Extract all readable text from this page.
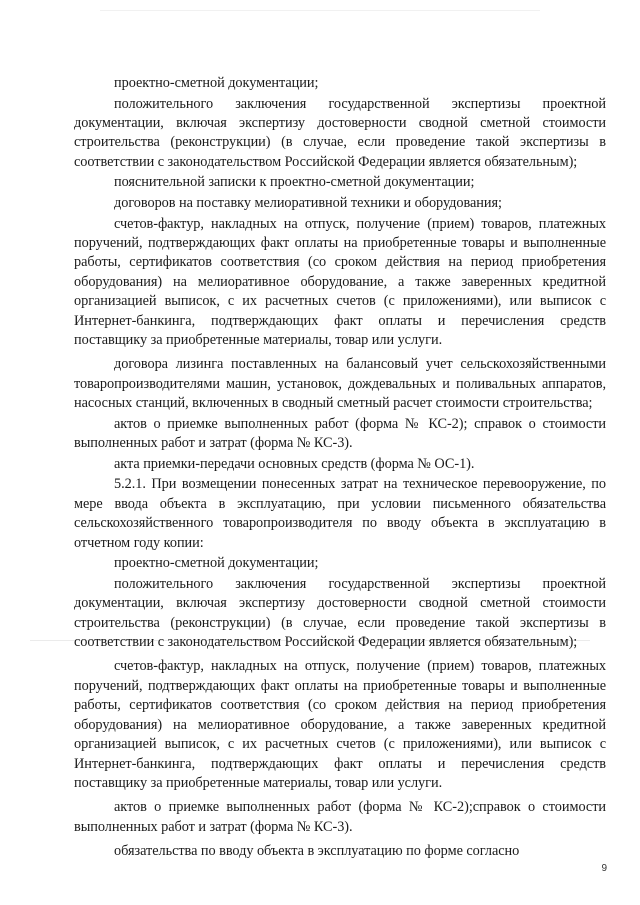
проектно-сметной документации;

положительного заключения государственной экспертизы проектной документации, включая экспертизу достоверности сводной сметной стоимости строительства (реконструкции) (в случае, если проведение такой экспертизы в соответствии с законодательством Российской Федерации является обязательным);

пояснительной записки к проектно-сметной документации;

договоров на поставку мелиоративной техники и оборудования;

счетов-фактур, накладных на отпуск, получение (прием) товаров, платежных поручений, подтверждающих факт оплаты на приобретенные товары и выполненные работы, сертификатов соответствия (со сроком действия на период приобретения оборудования) на мелиоративное оборудование, а также заверенных кредитной организацией выписок, с их расчетных счетов (с приложениями), или выписок с Интернет-банкинга, подтверждающих факт оплаты и перечисления средств поставщику за приобретенные материалы, товар или услуги.

договора лизинга поставленных на балансовый учет сельскохозяйственными товаропроизводителями машин, установок, дождевальных и поливальных аппаратов, насосных станций, включенных в сводный сметный расчет стоимости строительства;

актов о приемке выполненных работ (форма № КС-2); справок о стоимости выполненных работ и затрат (форма № КС-3).

акта приемки-передачи основных средств (форма № ОС-1).

5.2.1. При возмещении понесенных затрат на техническое перевооружение, по мере ввода объекта в эксплуатацию, при условии письменного обязательства сельскохозяйственного товаропроизводителя по вводу объекта в эксплуатацию в отчетном году копии:

проектно-сметной документации;

положительного заключения государственной экспертизы проектной документации, включая экспертизу достоверности сводной сметной стоимости строительства (реконструкции) (в случае, если проведение такой экспертизы в соответствии с законодательством Российской Федерации является обязательным);

счетов-фактур, накладных на отпуск, получение (прием) товаров, платежных поручений, подтверждающих факт оплаты на приобретенные товары и выполненные работы, сертификатов соответствия (со сроком действия на период приобретения оборудования) на мелиоративное оборудование, а также заверенных кредитной организацией выписок, с их расчетных счетов (с приложениями), или выписок с Интернет-банкинга, подтверждающих факт оплаты и перечисления средств поставщику за приобретенные материалы, товар или услуги.

актов о приемке выполненных работ (форма № КС-2);справок о стоимости выполненных работ и затрат (форма № КС-3).

обязательства по вводу объекта в эксплуатацию по форме согласно

9
